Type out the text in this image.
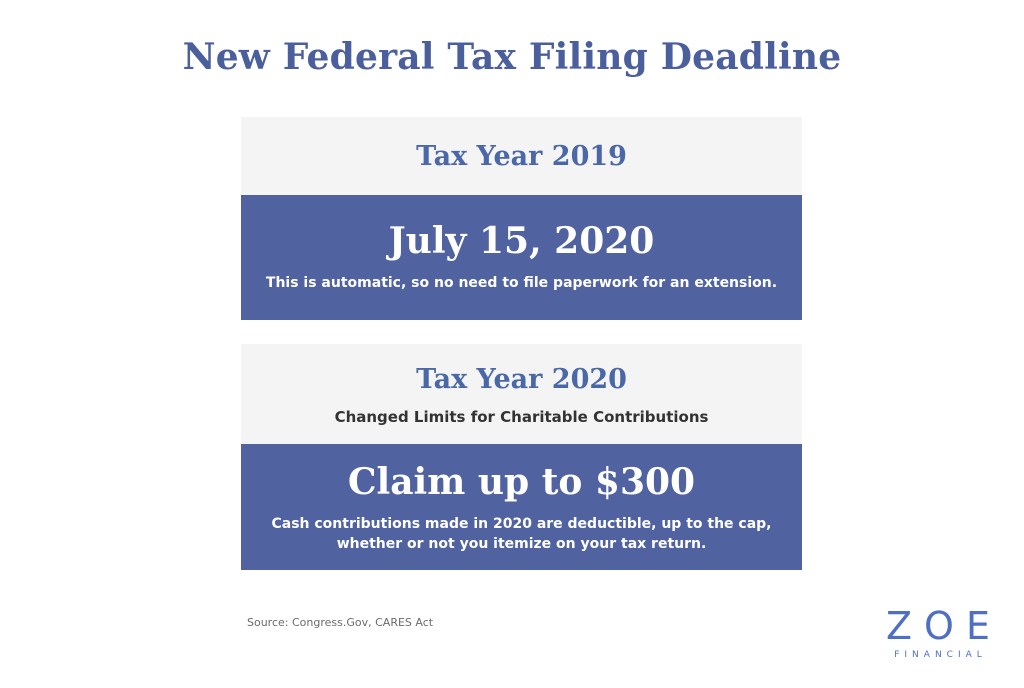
New Federal Tax Filing Deadline
Tax Year 2019
July 15, 2020
This is automatic, so no need to file paperwork for an extension.
Tax Year 2020
Changed Limits for Charitable Contributions
Claim up to $300
Cash contributions made in 2020 are deductible, up to the cap,
whether or not you itemize on your tax return.
Source: Congress.Gov, CARES Act	ZOE
FINANCIAL
